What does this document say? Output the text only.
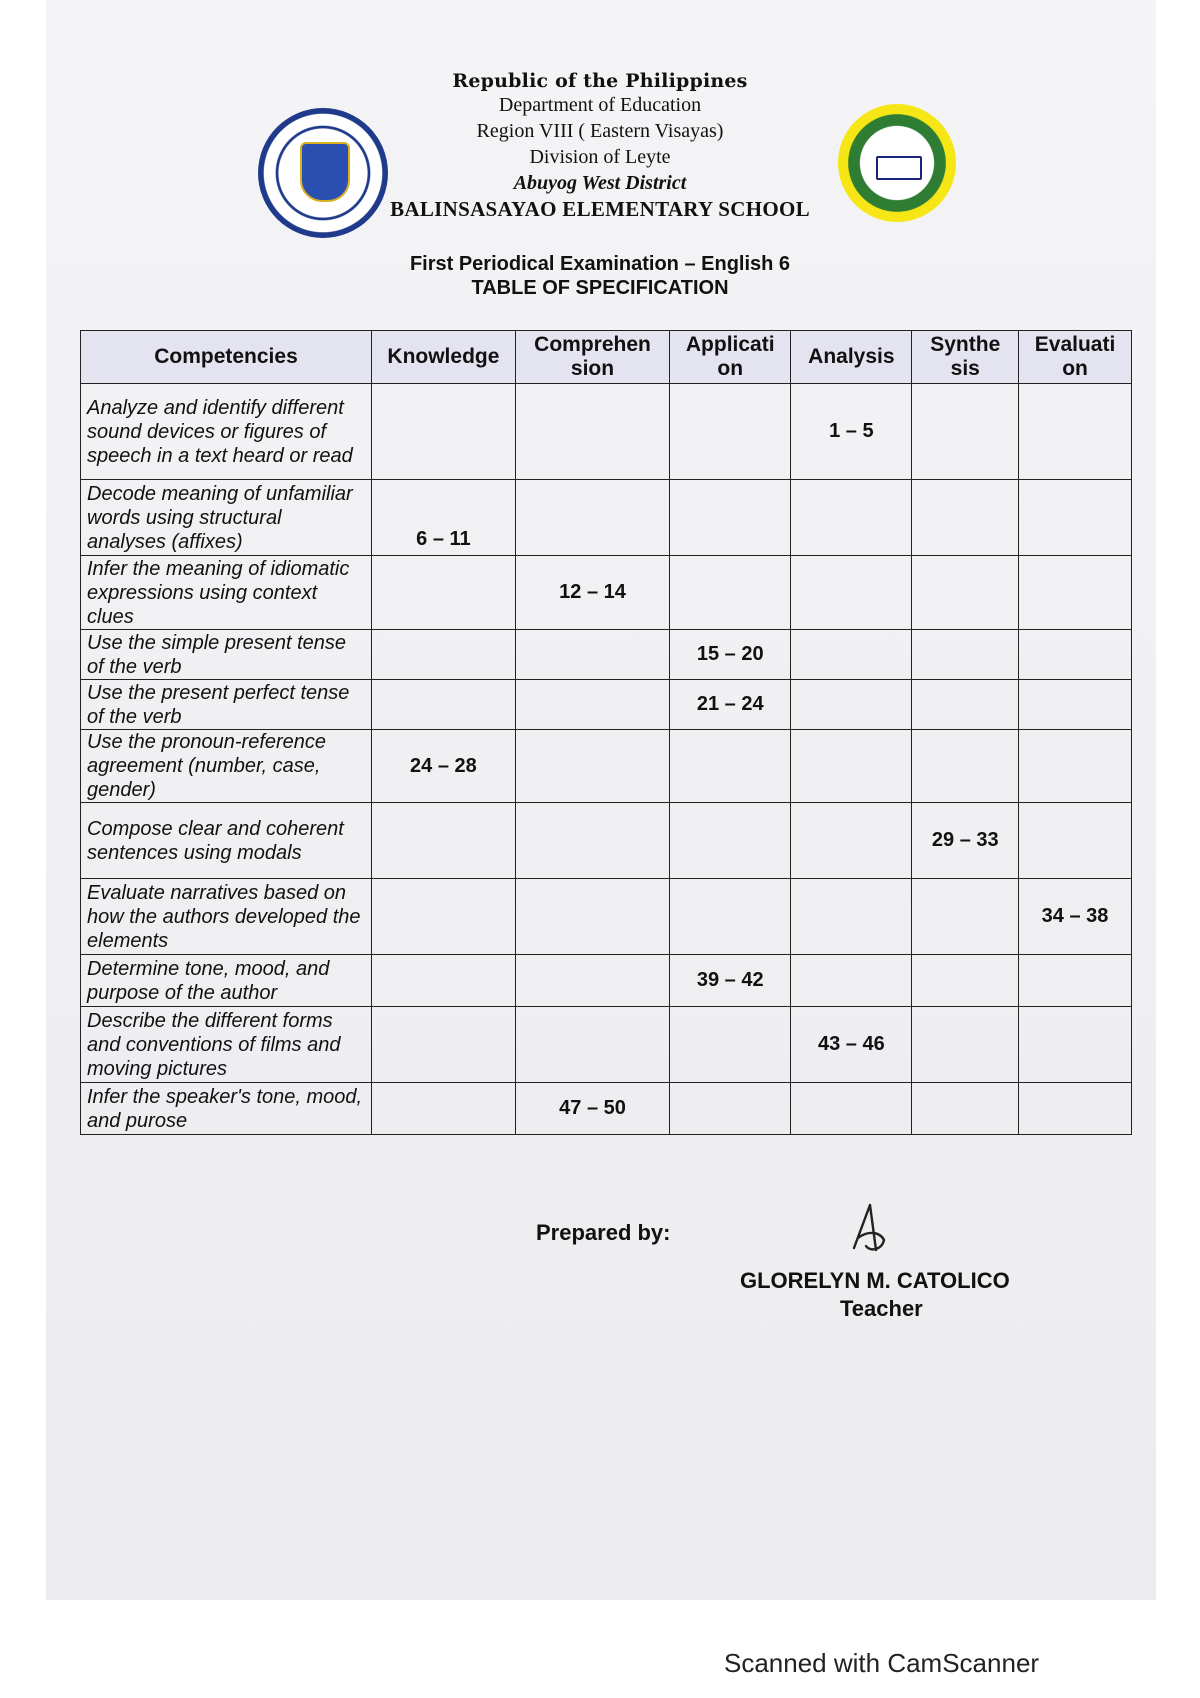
Republic of the Philippines
Department of Education
Region VIII ( Eastern Visayas)
Division of Leyte
Abuyog West District
BALINSASAYAO ELEMENTARY SCHOOL
First Periodical Examination – English 6
TABLE OF SPECIFICATION
Competencies	Knowledge	Comprehen sion	Applicati on	Analysis	Synthe sis	Evaluati on
Analyze and identify different sound devices or figures of speech in a text heard or read				1 – 5		
Decode meaning of unfamiliar words using structural analyses (affixes)	6 – 11					
Infer the meaning of idiomatic expressions using context clues		12 – 14				
Use the simple present tense of the verb			15 – 20			
Use the present perfect tense of the verb			21 – 24			
Use the pronoun-reference agreement (number, case, gender)	24 – 28					
Compose clear and coherent sentences using modals					29 – 33	
Evaluate narratives based on how the authors developed the elements						34 – 38
Determine tone, mood, and purpose of the author			39 – 42			
Describe the different forms and conventions of films and moving pictures				43 – 46		
Infer the speaker's tone, mood, and purose		47 – 50				
Prepared by:
GLORELYN M. CATOLICO
Teacher
Scanned with CamScanner
